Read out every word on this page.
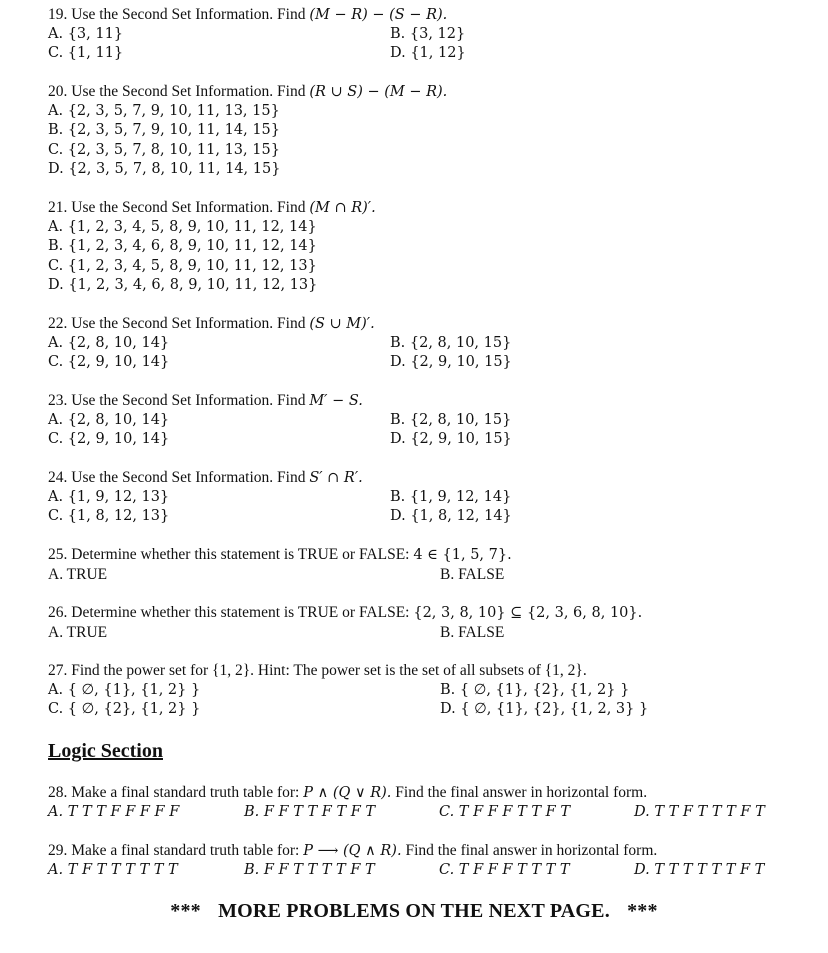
19. Use the Second Set Information. Find (M − R) − (S − R).
A. {3, 11}	B. {3, 12}
C. {1, 11}	D. {1, 12}
20. Use the Second Set Information. Find (R ∪ S) − (M − R).
A. {2, 3, 5, 7, 9, 10, 11, 13, 15}
B. {2, 3, 5, 7, 9, 10, 11, 14, 15}
C. {2, 3, 5, 7, 8, 10, 11, 13, 15}
D. {2, 3, 5, 7, 8, 10, 11, 14, 15}
21. Use the Second Set Information. Find (M ∩ R)′.
A. {1, 2, 3, 4, 5, 8, 9, 10, 11, 12, 14}
B. {1, 2, 3, 4, 6, 8, 9, 10, 11, 12, 14}
C. {1, 2, 3, 4, 5, 8, 9, 10, 11, 12, 13}
D. {1, 2, 3, 4, 6, 8, 9, 10, 11, 12, 13}
22. Use the Second Set Information. Find (S ∪ M)′.
A. {2, 8, 10, 14}	B. {2, 8, 10, 15}
C. {2, 9, 10, 14}	D. {2, 9, 10, 15}
23. Use the Second Set Information. Find M′ − S.
A. {2, 8, 10, 14}	B. {2, 8, 10, 15}
C. {2, 9, 10, 14}	D. {2, 9, 10, 15}
24. Use the Second Set Information. Find S′ ∩ R′.
A. {1, 9, 12, 13}	B. {1, 9, 12, 14}
C. {1, 8, 12, 13}	D. {1, 8, 12, 14}
25. Determine whether this statement is TRUE or FALSE: 4 ∈ {1, 5, 7}.
A. TRUE	B. FALSE
26. Determine whether this statement is TRUE or FALSE: {2, 3, 8, 10} ⊆ {2, 3, 6, 8, 10}.
A. TRUE	B. FALSE
27. Find the power set for {1, 2}. Hint: The power set is the set of all subsets of {1, 2}.
A. { ∅, {1}, {1, 2} }	B. { ∅, {1}, {2}, {1, 2} }
C. { ∅, {2}, {1, 2} }	D. { ∅, {1}, {2}, {1, 2, 3} }
Logic Section
28. Make a final standard truth table for: P ∧ (Q ∨ R). Find the final answer in horizontal form.
A. T T T F F F F F	B. F F T T F T F T	C. T F F F T T F T	D. T T F T T T F T
29. Make a final standard truth table for: P ⟶ (Q ∧ R). Find the final answer in horizontal form.
A. T F T T T T T T	B. F F T T T T F T	C. T F F F T T T T	D. T T T T T T F T
*** MORE PROBLEMS ON THE NEXT PAGE. ***
